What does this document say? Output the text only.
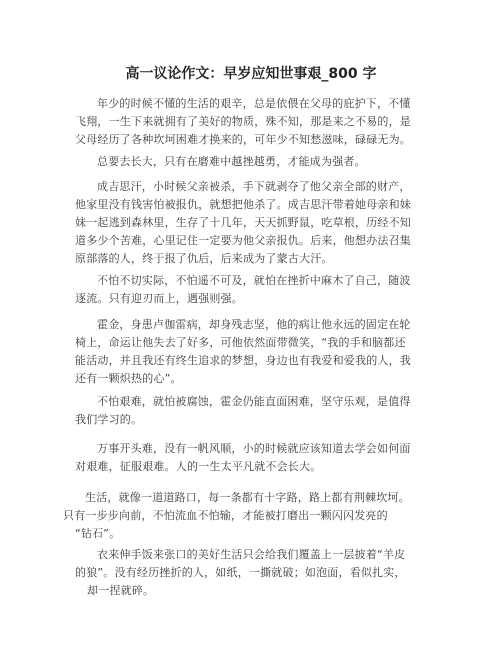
高一议论作文：早岁应知世事艰_800 字
年少的时候不懂的生活的艰辛，总是依偎在父母的庇护下，不懂
飞翔，一生下来就拥有了美好的物质，殊不知，那是来之不易的，是
父母经历了各种坎坷困难才换来的，可年少不知愁滋味，碌碌无为。
总要去长大，只有在磨难中越挫越勇，才能成为强者。
成吉思汗，小时候父亲被杀，手下就剥夺了他父亲全部的财产，
他家里没有钱害怕被报仇，就想把他杀了。成吉思汗带着她母亲和妹
妹一起逃到森林里，生存了十几年，天天抓野鼠，吃草根，历经不知
道多少个苦难，心里记住一定要为他父亲报仇。后来，他想办法召集
原部落的人，终于报了仇后，后来成为了蒙古大汗。
不怕不切实际，不怕遥不可及，就怕在挫折中麻木了自己，随波
逐流。只有迎刃而上，遇强则强。
霍金，身患卢伽雷病，却身残志坚，他的病让他永远的固定在轮
椅上，命运让他失去了好多，可他依然面带微笑，“我的手和脑都还
能活动，并且我还有终生追求的梦想，身边也有我爱和爱我的人，我
还有一颗炽热的心”。
不怕艰难，就怕被腐蚀，霍金仍能直面困难，坚守乐观，是值得
我们学习的。
万事开头难，没有一帆风顺，小的时候就应该知道去学会如何面
对艰难，征服艰难。人的一生太平凡就不会长大。
生活，就像一道道路口，每一条都有十字路，路上都有荆棘坎坷。
只有一步步向前，不怕流血不怕输，才能被打磨出一颗闪闪发亮的
“钻石”。
衣来伸手饭来张口的美好生活只会给我们覆盖上一层披着“羊皮
的狼”。没有经历挫折的人，如纸，一撕就破；如泡面，看似扎实，
却一捏就碎。
